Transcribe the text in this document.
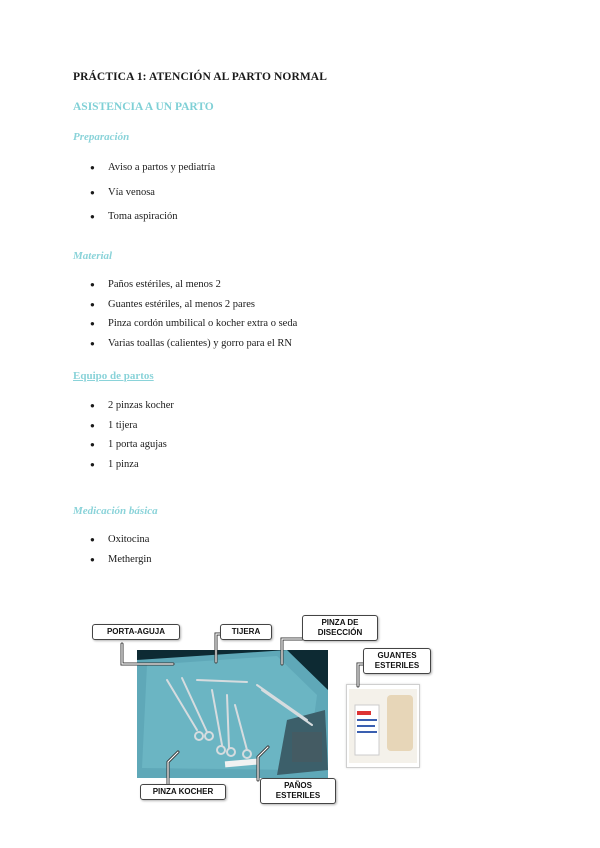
PRÁCTICA 1: ATENCIÓN AL PARTO NORMAL
ASISTENCIA A UN PARTO
Preparación
● Aviso a partos y pediatría
● Vía venosa
● Toma aspiración
Material
● Paños estériles, al menos 2
● Guantes estériles, al menos 2 pares
● Pinza cordón umbilical o kocher extra o seda
● Varias toallas (calientes) y gorro para el RN
Equipo de partos
● 2 pinzas kocher
● 1 tijera
● 1 porta agujas
● 1 pinza
Medicación básica
● Oxitocina
● Methergin
PORTA-AGUJA	TIJERA
PINZA DE DISECCIÓN
GUANTES ESTERILES
PINZA KOCHER
PAÑOS ESTERILES
